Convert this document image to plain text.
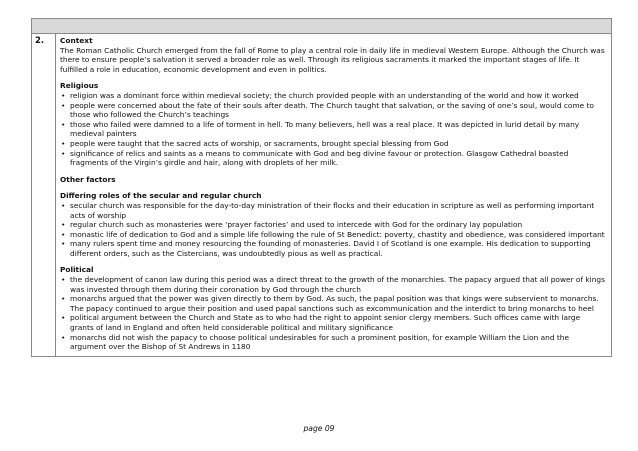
2.	Context

The Roman Catholic Church emerged from the fall of Rome to play a central role in daily life in medieval Western Europe. Although the Church was there to ensure people’s salvation it served a broader role as well. Through its religious sacraments it marked the important stages of life. It fulfilled a role in education, economic development and even in politics.

Religious

• religion was a dominant force within medieval society; the church provided people with an understanding of the world and how it worked
• people were concerned about the fate of their souls after death. The Church taught that salvation, or the saving of one’s soul, would come to those who followed the Church’s teachings
• those who failed were damned to a life of torment in hell. To many believers, hell was a real place. It was depicted in lurid detail by many medieval painters
• people were taught that the sacred acts of worship, or sacraments, brought special blessing from God
• significance of relics and saints as a means to communicate with God and beg divine favour or protection. Glasgow Cathedral boasted fragments of the Virgin’s girdle and hair, along with droplets of her milk.

Other factors

Differing roles of the secular and regular church

• secular church was responsible for the day-to-day ministration of their flocks and their education in scripture as well as performing important acts of worship
• regular church such as monasteries were ‘prayer factories’ and used to intercede with God for the ordinary lay population
• monastic life of dedication to God and a simple life following the rule of St Benedict: poverty, chastity and obedience, was considered important
• many rulers spent time and money resourcing the founding of monasteries. David I of Scotland is one example. His dedication to supporting different orders, such as the Cistercians, was undoubtedly pious as well as practical.

Political

• the development of canon law during this period was a direct threat to the growth of the monarchies. The papacy argued that all power of kings was invested through them during their coronation by God through the church
• monarchs argued that the power was given directly to them by God. As such, the papal position was that kings were subservient to monarchs. The papacy continued to argue their position and used papal sanctions such as excommunication and the interdict to bring monarchs to heel
• political argument between the Church and State as to who had the right to appoint senior clergy members. Such offices came with large grants of land in England and often held considerable political and military significance
• monarchs did not wish the papacy to choose political undesirables for such a prominent position, for example William the Lion and the argument over the Bishop of St Andrews in 1180
page 09
